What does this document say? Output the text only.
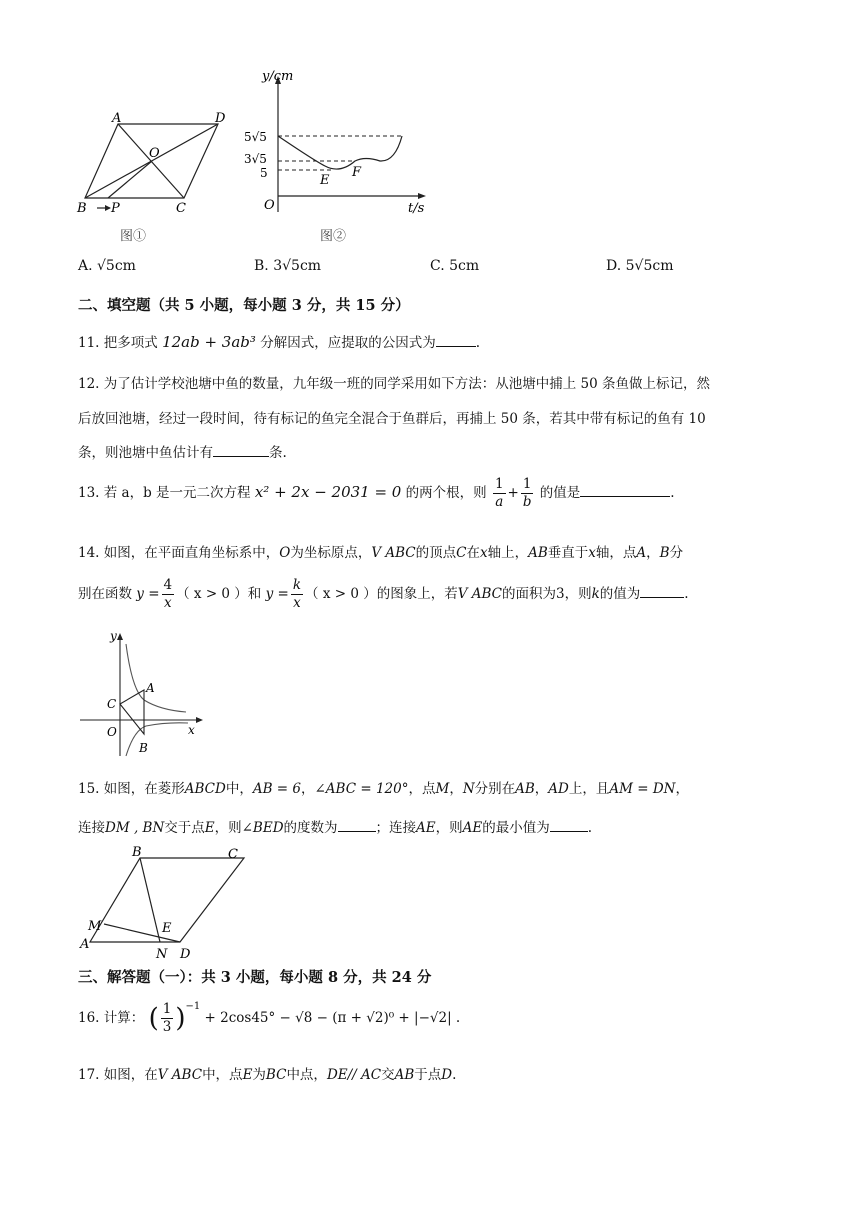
A	D
O
B P	C
图①
y/cm
t/s
O
5√5
3√5
5	E
F
图②
A. √5cm	B. 3√5cm	C. 5cm	D. 5√5cm
二、填空题（共 5 小题，每小题 3 分，共 15 分）
11. 把多项式 12ab + 3ab³ 分解因式，应提取的公因式为	.
12. 为了估计学校池塘中鱼的数量，九年级一班的同学采用如下方法：从池塘中捕上 50 条鱼做上标记，然
后放回池塘，经过一段时间，待有标记的鱼完全混合于鱼群后，再捕上 50 条，若其中带有标记的鱼有 10
条，则池塘中鱼估计有	条.
13. 若 a，b 是一元二次方程 x² + 2x − 2031 = 0 的两个根，则 $\frac{1}{a} + \frac{1}{b}$ 的值是	.
14. 如图，在平面直角坐标系中，O为坐标原点，V ABC的顶点C在x轴上，AB垂直于x轴，点A，B分
别在函数 $y = \frac{4}{x}$ （ x > 0 ）和 $y = \frac{k}{x}$ （ x > 0 ）的图象上，若V ABC的面积为3，则k的值为	.
y
x
A
C
O
B
15. 如图，在菱形ABCD中，AB = 6，∠ABC = 120°，点M，N分别在AB，AD上，且AM = DN，
连接DM , BN交于点E，则∠BED的度数为	；连接AE，则AE的最小值为	.
B	C
M	E
A
N D
三、解答题（一）：共 3 小题，每小题 8 分，共 24 分
16. 计算： ( $\frac{1}{3} )^{-1} + 2\cos 45^\circ - √8 - (\pi + √2)^0 + |-√2|$ .
17. 如图，在V ABC中，点E为BC中点，DE// AC交AB于点D.
